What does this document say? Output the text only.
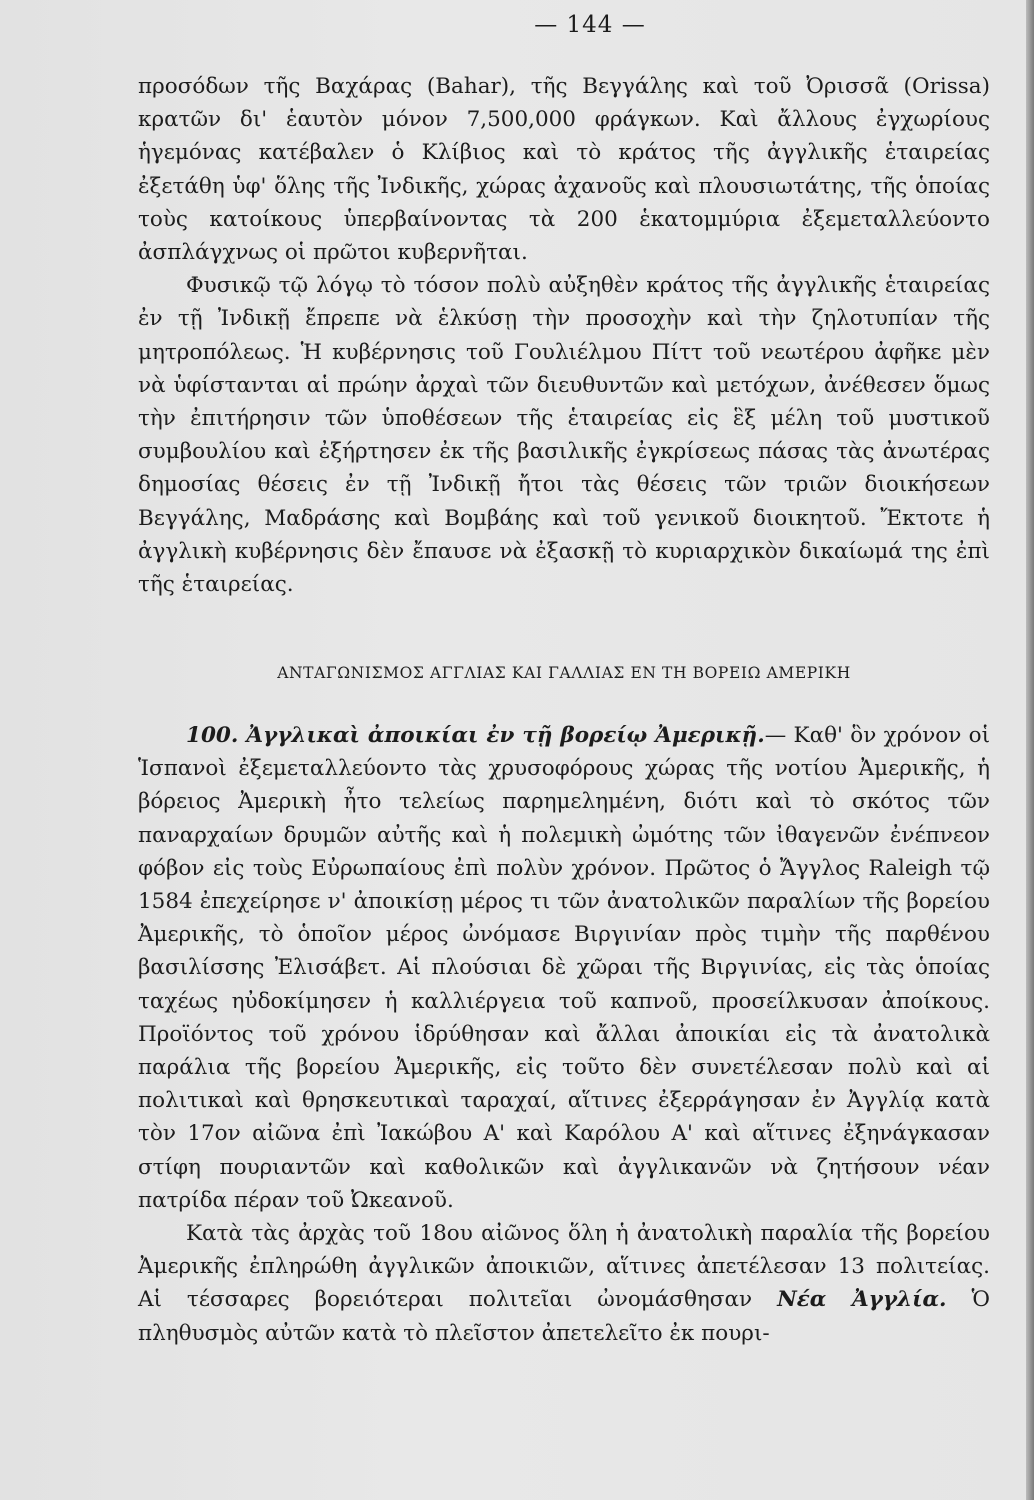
— 144 —

προσόδων τῆς Βαχάρας (Bahar), τῆς Βεγγάλης καὶ τοῦ Ὀρισσᾶ (Orissa) κρατῶν δι' ἑαυτὸν μόνον 7,500,000 φράγκων. Καὶ ἄλλους ἐγχωρίους ἡγεμόνας κατέβαλεν ὁ Κλίβιος καὶ τὸ κράτος τῆς ἀγγλικῆς ἑταιρείας ἐξετάθη ὑφ' ὅλης τῆς Ἰνδικῆς, χώρας ἀχανοῦς καὶ πλουσιωτάτης, τῆς ὁποίας τοὺς κατοίκους ὑπερβαίνοντας τὰ 200 ἑκατομμύρια ἐξεμεταλλεύοντο ἀσπλάγχνως οἱ πρῶτοι κυβερνῆται.

Φυσικῷ τῷ λόγῳ τὸ τόσον πολὺ αὐξηθὲν κράτος τῆς ἀγγλικῆς ἑταιρείας ἐν τῇ Ἰνδικῇ ἔπρεπε νὰ ἑλκύσῃ τὴν προσοχὴν καὶ τὴν ζηλοτυπίαν τῆς μητροπόλεως. Ἡ κυβέρνησις τοῦ Γουλιέλμου Πίττ τοῦ νεωτέρου ἀφῆκε μὲν νὰ ὑφίστανται αἱ πρώην ἀρχαὶ τῶν διευθυντῶν καὶ μετόχων, ἀνέθεσεν ὅμως τὴν ἐπιτήρησιν τῶν ὑποθέσεων τῆς ἑταιρείας εἰς ἓξ μέλη τοῦ μυστικοῦ συμβουλίου καὶ ἐξήρτησεν ἐκ τῆς βασιλικῆς ἐγκρίσεως πάσας τὰς ἀνωτέρας δημοσίας θέσεις ἐν τῇ Ἰνδικῇ ἤτοι τὰς θέσεις τῶν τριῶν διοικήσεων Βεγγάλης, Μαδράσης καὶ Βομβάης καὶ τοῦ γενικοῦ διοικητοῦ. Ἔκτοτε ἡ ἀγγλικὴ κυβέρνησις δὲν ἔπαυσε νὰ ἐξασκῇ τὸ κυριαρχικὸν δικαίωμά της ἐπὶ τῆς ἑταιρείας.

ΑΝΤΑΓΩΝΙΣΜΟΣ ΑΓΓΛΙΑΣ ΚΑΙ ΓΑΛΛΙΑΣ ΕΝ ΤΗ ΒΟΡΕΙΩ ΑΜΕΡΙΚΗ

100. Ἀγγλικαὶ ἀποικίαι ἐν τῇ βορείῳ Ἀμερικῇ.— Καθ' ὃν χρόνον οἱ Ἱσπανοὶ ἐξεμεταλλεύοντο τὰς χρυσοφόρους χώρας τῆς νοτίου Ἀμερικῆς, ἡ βόρειος Ἀμερικὴ ἦτο τελείως παρημελημένη, διότι καὶ τὸ σκότος τῶν παναρχαίων δρυμῶν αὐτῆς καὶ ἡ πολεμικὴ ὠμότης τῶν ἰθαγενῶν ἐνέπνεον φόβον εἰς τοὺς Εὐρωπαίους ἐπὶ πολὺν χρόνον. Πρῶτος ὁ Ἄγγλος Raleigh τῷ 1584 ἐπεχείρησε ν' ἀποικίσῃ μέρος τι τῶν ἀνατολικῶν παραλίων τῆς βορείου Ἀμερικῆς, τὸ ὁποῖον μέρος ὠνόμασε Βιργινίαν πρὸς τιμὴν τῆς παρθένου βασιλίσσης Ἐλισάβετ. Αἱ πλούσιαι δὲ χῶραι τῆς Βιργινίας, εἰς τὰς ὁποίας ταχέως ηὐδοκίμησεν ἡ καλλιέργεια τοῦ καπνοῦ, προσείλκυσαν ἀποίκους. Προϊόντος τοῦ χρόνου ἱδρύθησαν καὶ ἄλλαι ἀποικίαι εἰς τὰ ἀνατολικὰ παράλια τῆς βορείου Ἀμερικῆς, εἰς τοῦτο δὲν συνετέλεσαν πολὺ καὶ αἱ πολιτικαὶ καὶ θρησκευτικαὶ ταραχαί, αἵτινες ἐξερράγησαν ἐν Ἀγγλίᾳ κατὰ τὸν 17ον αἰῶνα ἐπὶ Ἰακώβου Α' καὶ Καρόλου Α' καὶ αἵτινες ἐξηνάγκασαν στίφη πουριαντῶν καὶ καθολικῶν καὶ ἀγγλικανῶν νὰ ζητήσουν νέαν πατρίδα πέραν τοῦ Ὠκεανοῦ.

Κατὰ τὰς ἀρχὰς τοῦ 18ου αἰῶνος ὅλη ἡ ἀνατολικὴ παραλία τῆς βορείου Ἀμερικῆς ἐπληρώθη ἀγγλικῶν ἀποικιῶν, αἵτινες ἀπετέλεσαν 13 πολιτείας. Αἱ τέσσαρες βορειότεραι πολιτεῖαι ὠνομάσθησαν Νέα Ἀγγλία. Ὁ πληθυσμὸς αὐτῶν κατὰ τὸ πλεῖστον ἀπετελεῖτο ἐκ πουρι-
